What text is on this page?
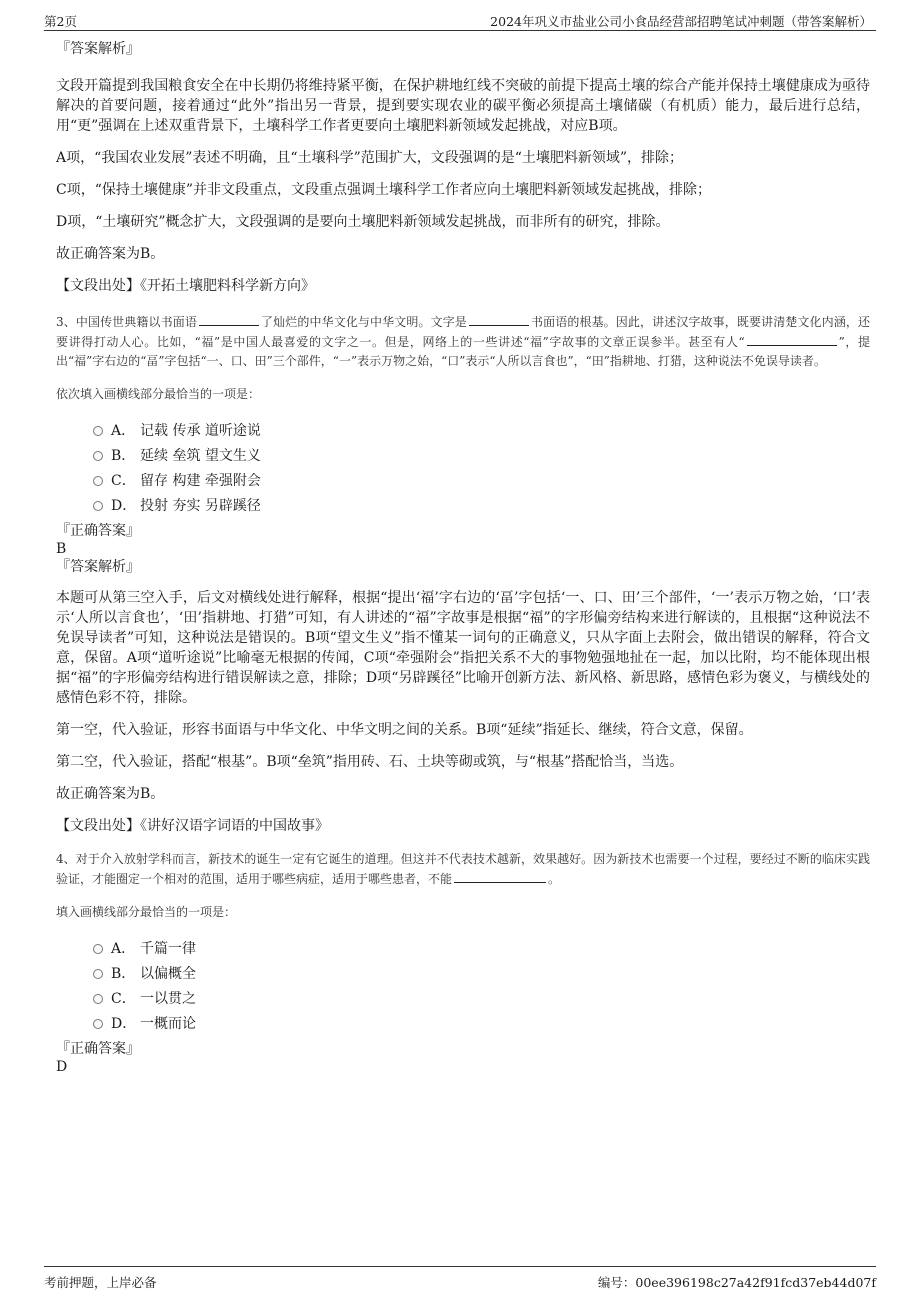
第2页	2024年巩义市盐业公司小食品经营部招聘笔试冲刺题（带答案解析）

『答案解析』

文段开篇提到我国粮食安全在中长期仍将维持紧平衡，在保护耕地红线不突破的前提下提高土壤的综合产能并保持土壤健康成为亟待解决的首要问题，接着通过“此外”指出另一背景，提到要实现农业的碳平衡必须提高土壤储碳（有机质）能力，最后进行总结，用“更”强调在上述双重背景下，土壤科学工作者更要向土壤肥料新领域发起挑战，对应B项。

A项，“我国农业发展”表述不明确，且“土壤科学”范围扩大，文段强调的是“土壤肥料新领域”，排除；

C项，“保持土壤健康”并非文段重点，文段重点强调土壤科学工作者应向土壤肥料新领域发起挑战，排除；

D项，“土壤研究”概念扩大，文段强调的是要向土壤肥料新领域发起挑战，而非所有的研究，排除。

故正确答案为B。

【文段出处】《开拓土壤肥料科学新方向》

3、中国传世典籍以书面语	了灿烂的中华文化与中华文明。文字是	书面语的根基。因此，讲述汉字故事，既要讲清楚文化内涵，还要讲得打动人心。比如，“福”是中国人最喜爱的文字之一。但是，网络上的一些讲述“福”字故事的文章正误参半。甚至有人“	”，提出“福”字右边的“畐”字包括“一、口、田”三个部件，“一”表示万物之始，“口”表示“人所以言食也”，“田”指耕地、打猎，这种说法不免误导读者。

依次填入画横线部分最恰当的一项是：

A． 记载 传承 道听途说
B． 延续 垒筑 望文生义
C． 留存 构建 牵强附会
D． 投射 夯实 另辟蹊径

『正确答案』

B

『答案解析』

本题可从第三空入手，后文对横线处进行解释，根据“提出‘福’字右边的‘畐’字包括‘一、口、田’三个部件，‘一’表示万物之始，‘口’表示‘人所以言食也’，‘田’指耕地、打猎”可知，有人讲述的“福”字故事是根据“福”的字形偏旁结构来进行解读的，且根据“这种说法不免误导读者”可知，这种说法是错误的。B项“望文生义”指不懂某一词句的正确意义，只从字面上去附会，做出错误的解释，符合文意，保留。A项“道听途说”比喻毫无根据的传闻，C项“牵强附会”指把关系不大的事物勉强地扯在一起，加以比附，均不能体现出根据“福”的字形偏旁结构进行错误解读之意，排除；D项“另辟蹊径”比喻开创新方法、新风格、新思路，感情色彩为褒义，与横线处的感情色彩不符，排除。

第一空，代入验证，形容书面语与中华文化、中华文明之间的关系。B项“延续”指延长、继续，符合文意，保留。

第二空，代入验证，搭配“根基”。B项“垒筑”指用砖、石、土块等砌或筑，与“根基”搭配恰当，当选。

故正确答案为B。

【文段出处】《讲好汉语字词语的中国故事》

4、对于介入放射学科而言，新技术的诞生一定有它诞生的道理。但这并不代表技术越新，效果越好。因为新技术也需要一个过程，要经过不断的临床实践验证，才能圈定一个相对的范围，适用于哪些病症，适用于哪些患者，不能	。

填入画横线部分最恰当的一项是：

A． 千篇一律
B． 以偏概全
C． 一以贯之
D． 一概而论

『正确答案』

D

考前押题，上岸必备	编号：00ee396198c27a42f91fcd37eb44d07f
